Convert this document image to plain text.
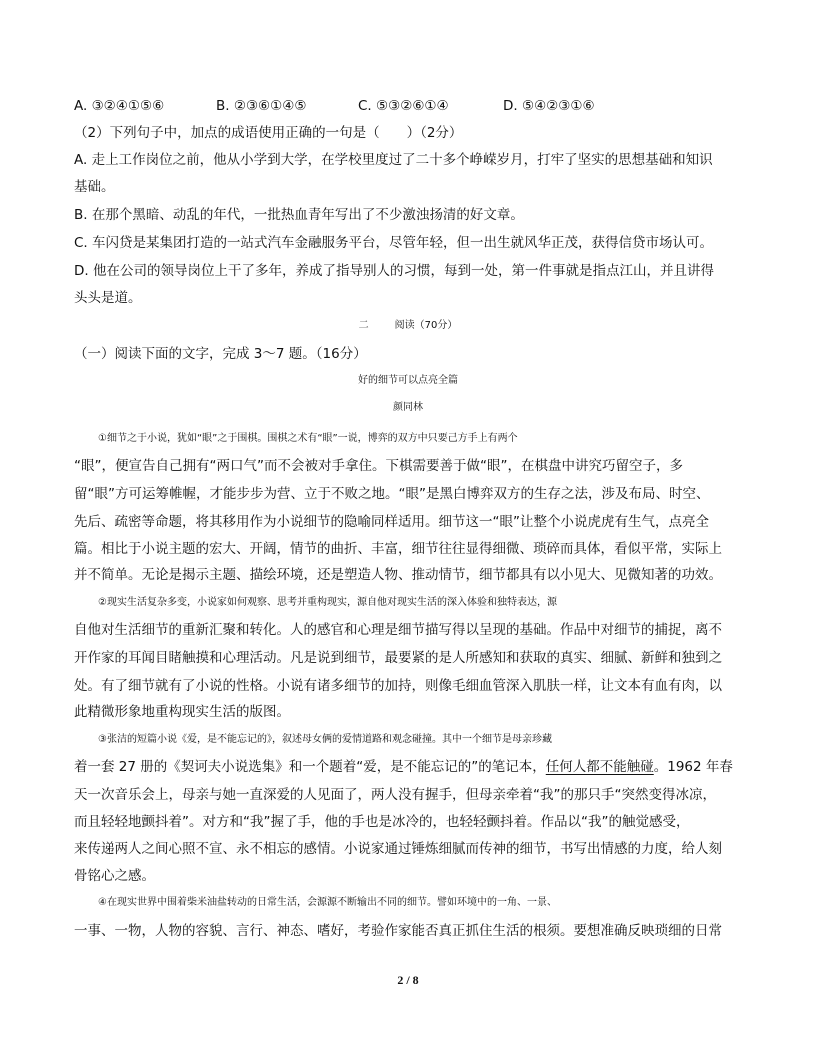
A. ③②④①⑤⑥	B. ②③⑥①④⑤	C. ⑤③②⑥①④	D. ⑤④②③①⑥
（2）下列句子中，加点的成语使用正确的一句是（　　）（2分）
A. 走上工作岗位之前，他从小学到大学，在学校里度过了二十多个峥嵘岁月，打牢了坚实的思想基础和知识
基础。
B. 在那个黑暗、动乱的年代，一批热血青年写出了不少激浊扬清的好文章。
C. 车闪贷是某集团打造的一站式汽车金融服务平台，尽管年轻，但一出生就风华正茂，获得信贷市场认可。
D. 他在公司的领导岗位上干了多年，养成了指导别人的习惯，每到一处，第一件事就是指点江山，并且讲得
头头是道。
二	阅读（70分）
（一）阅读下面的文字，完成 3～7 题。（16分）
好的细节可以点亮全篇
颜同林
①细节之于小说，犹如“眼”之于围棋。围棋之术有“眼”一说，博弈的双方中只要己方手上有两个
“眼”，便宣告自己拥有“两口气”而不会被对手拿住。下棋需要善于做“眼”，在棋盘中讲究巧留空子，多
留“眼”方可运筹帷幄，才能步步为营、立于不败之地。“眼”是黑白博弈双方的生存之法，涉及布局、时空、
先后、疏密等命题，将其移用作为小说细节的隐喻同样适用。细节这一“眼”让整个小说虎虎有生气，点亮全
篇。相比于小说主题的宏大、开阔，情节的曲折、丰富，细节往往显得细微、琐碎而具体，看似平常，实际上
并不简单。无论是揭示主题、描绘环境，还是塑造人物、推动情节，细节都具有以小见大、见微知著的功效。
②现实生活复杂多变，小说家如何观察、思考并重构现实，源自他对现实生活的深入体验和独特表达，源
自他对生活细节的重新汇聚和转化。人的感官和心理是细节描写得以呈现的基础。作品中对细节的捕捉，离不
开作家的耳闻目睹触摸和心理活动。凡是说到细节，最要紧的是人所感知和获取的真实、细腻、新鲜和独到之
处。有了细节就有了小说的性格。小说有诸多细节的加持，则像毛细血管深入肌肤一样，让文本有血有肉，以
此精微形象地重构现实生活的版图。
③张洁的短篇小说《爱，是不能忘记的》，叙述母女俩的爱情道路和观念碰撞。其中一个细节是母亲珍藏
着一套 27 册的《契诃夫小说选集》和一个题着“爱，是不能忘记的”的笔记本，任何人都不能触碰。1962 年春
天一次音乐会上，母亲与她一直深爱的人见面了，两人没有握手，但母亲牵着“我”的那只手“突然变得冰凉，
而且轻轻地颤抖着”。对方和“我”握了手，他的手也是冰冷的，也轻轻颤抖着。作品以“我”的触觉感受，
来传递两人之间心照不宣、永不相忘的感情。小说家通过锤炼细腻而传神的细节，书写出情感的力度，给人刻
骨铭心之感。
④在现实世界中围着柴米油盐转动的日常生活，会源源不断输出不同的细节。譬如环境中的一角、一景、
一事、一物，人物的容貌、言行、神态、嗜好，考验作家能否真正抓住生活的根须。要想准确反映琐细的日常
2 / 8
